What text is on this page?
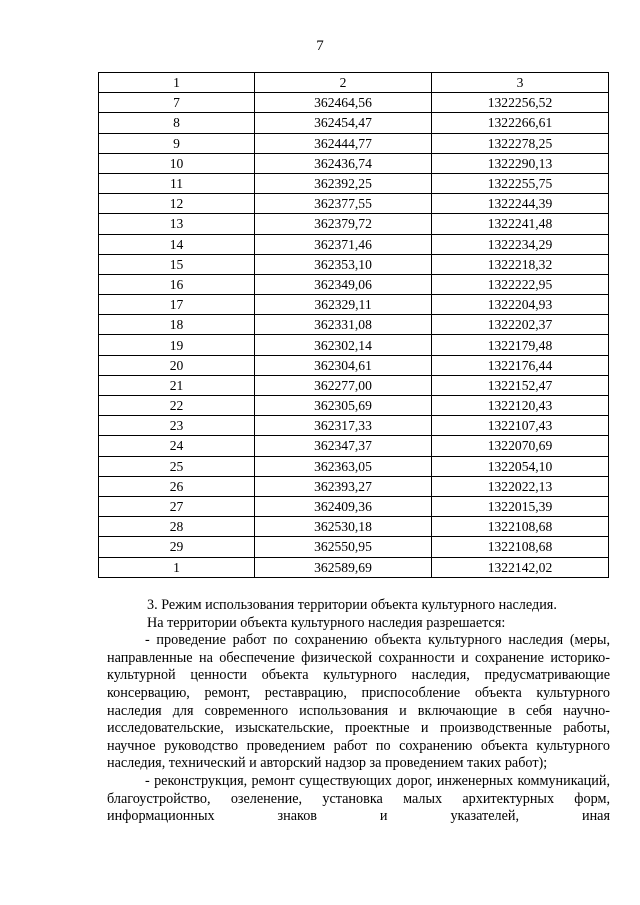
7
1	2	3
7	362464,56	1322256,52
8	362454,47	1322266,61
9	362444,77	1322278,25
10	362436,74	1322290,13
11	362392,25	1322255,75
12	362377,55	1322244,39
13	362379,72	1322241,48
14	362371,46	1322234,29
15	362353,10	1322218,32
16	362349,06	1322222,95
17	362329,11	1322204,93
18	362331,08	1322202,37
19	362302,14	1322179,48
20	362304,61	1322176,44
21	362277,00	1322152,47
22	362305,69	1322120,43
23	362317,33	1322107,43
24	362347,37	1322070,69
25	362363,05	1322054,10
26	362393,27	1322022,13
27	362409,36	1322015,39
28	362530,18	1322108,68
29	362550,95	1322108,68
1	362589,69	1322142,02

3. Режим использования территории объекта культурного наследия.

На территории объекта культурного наследия разрешается:

- проведение работ по сохранению объекта культурного наследия (меры, направленные на обеспечение физической сохранности и сохранение историко-культурной ценности объекта культурного наследия, предусматривающие консервацию, ремонт, реставрацию, приспособление объекта культурного наследия для современного использования и включающие в себя научно-исследовательские, изыскательские, проектные и производственные работы, научное руководство проведением работ по сохранению объекта культурного наследия, технический и авторский надзор за проведением таких работ);

- реконструкция, ремонт существующих дорог, инженерных коммуникаций, благоустройство, озеленение, установка малых архитектурных форм, информационных знаков и указателей, иная
